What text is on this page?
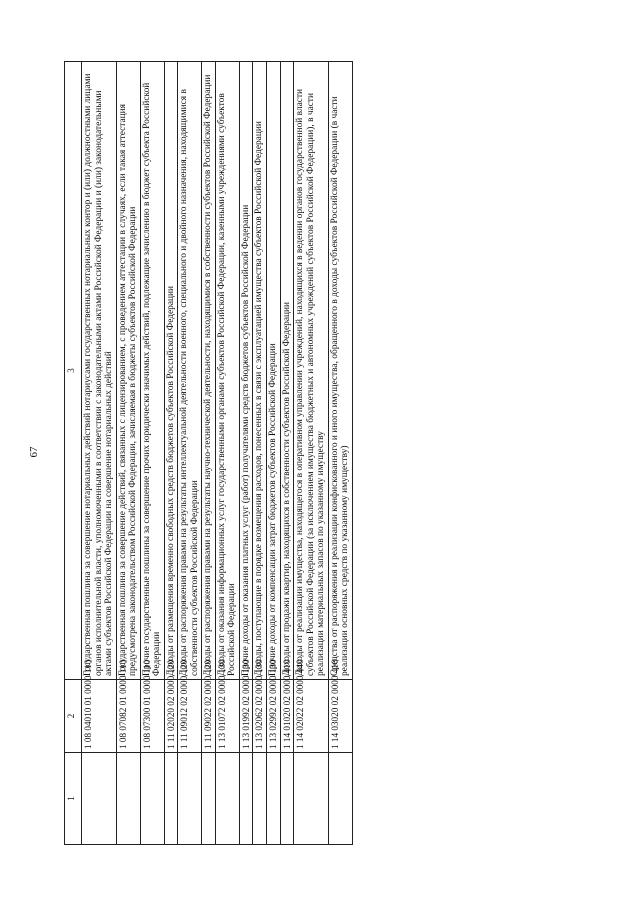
67
1	2	3
	1 08 04010 01 0000 110	Государственная пошлина за совершение нотариальных действий нотариусами государственных нотариальных контор и (или) должностными лицами органов исполнительной власти, уполномоченными в соответствии с законодательными актами Российской Федерации и (или) законодательными актами субъектов Российской Федерации на совершение нотариальных действий
	1 08 07082 01 0000 110	Государственная пошлина за совершение действий, связанных с лицензированием, с проведением аттестации в случаях, если такая аттестация предусмотрена законодательством Российской Федерации, зачисляемая в бюджеты субъектов Российской Федерации
	1 08 07300 01 0000 110	Прочие государственные пошлины за совершение прочих юридически значимых действий, подлежащие зачислению в бюджет субъекта Российской Федерации
	1 11 02020 02 0000 120	Доходы от размещения временно свободных средств бюджетов субъектов Российской Федерации
	1 11 09012 02 0000 120	Доходы от распоряжения правами на результаты интеллектуальной деятельности военного, специального и двойного назначения, находящимися в собственности субъектов Российской Федерации
	1 11 09022 02 0000 120	Доходы от распоряжения правами на результаты научно-технической деятельности, находящимися в собственности субъектов Российской Федерации
	1 13 01072 02 0000 130	Доходы от оказания информационных услуг государственными органами субъектов Российской Федерации, казенными учреждениями субъектов Российской Федерации
	1 13 01992 02 0000 130	Прочие доходы от оказания платных услуг (работ) получателями средств бюджетов субъектов Российской Федерации
	1 13 02062 02 0000 130	Доходы, поступающие в порядке возмещения расходов, понесенных в связи с эксплуатацией имущества субъектов Российской Федерации
	1 13 02992 02 0000 130	Прочие доходы от компенсации затрат бюджетов субъектов Российской Федерации
	1 14 01020 02 0000 410	Доходы от продажи квартир, находящихся в собственности субъектов Российской Федерации
	1 14 02022 02 0000 440	Доходы от реализации имущества, находящегося в оперативном управлении учреждений, находящихся в ведении органов государственной власти субъектов Российской Федерации (за исключением имущества бюджетных и автономных учреждений субъектов Российской Федерации), в части реализации материальных запасов по указанному имуществу
	1 14 03020 02 0000 410	Средства от распоряжения и реализации конфискованного и иного имущества, обращенного в доходы субъектов Российской Федерации (в части реализации основных средств по указанному имуществу)
